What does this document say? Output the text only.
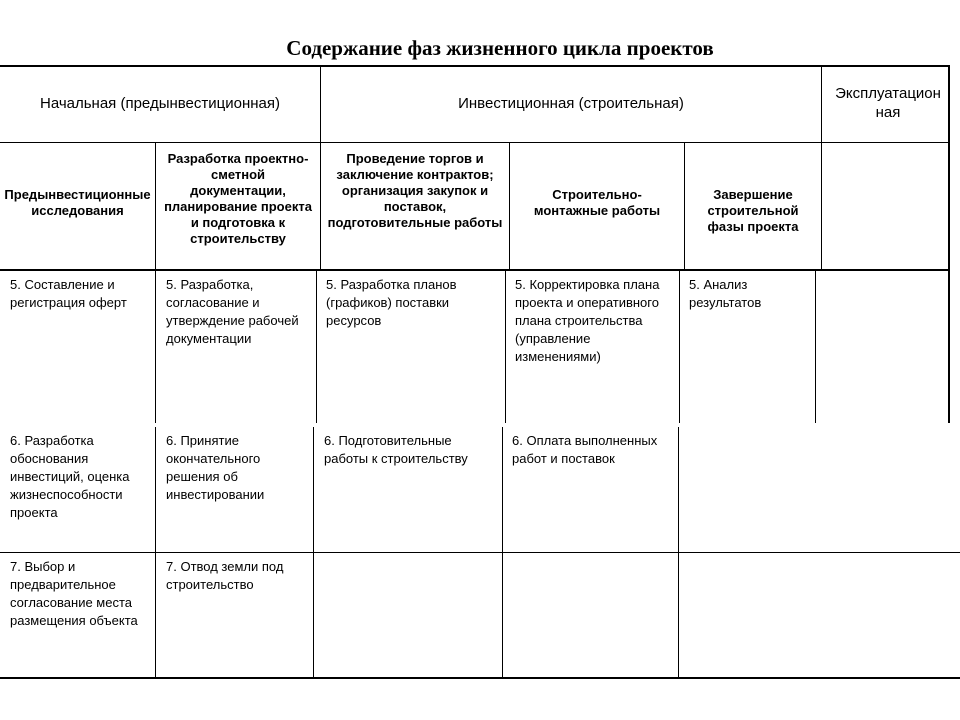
Содержание фаз жизненного цикла проектов
Начальная (предынвестиционная)	Инвестиционная (строительная)
Эксплуатационная
Предынвестиционные исследования
Разработка проектно-сметной документации, планирование проекта и подготовка к строительству
Проведение торгов и заключение контрактов; организация закупок и поставок, подготовительные работы
Строительно-монтажные работы
Завершение строительной фазы проекта
5. Составление и регистрация оферт
5. Разработка, согласование и утверждение рабочей документации
5. Разработка планов (графиков) поставки ресурсов
5. Корректировка плана проекта и оперативного плана строительства (управление изменениями)
5. Анализ результатов
6. Разработка обоснования инвестиций, оценка жизнеспособности проекта
6. Принятие окончательного решения об инвестировании
6. Подготовительные работы к строительству
6. Оплата выполненных работ и поставок
7. Выбор и предварительное согласование места размещения объекта
7. Отвод земли под строительство
